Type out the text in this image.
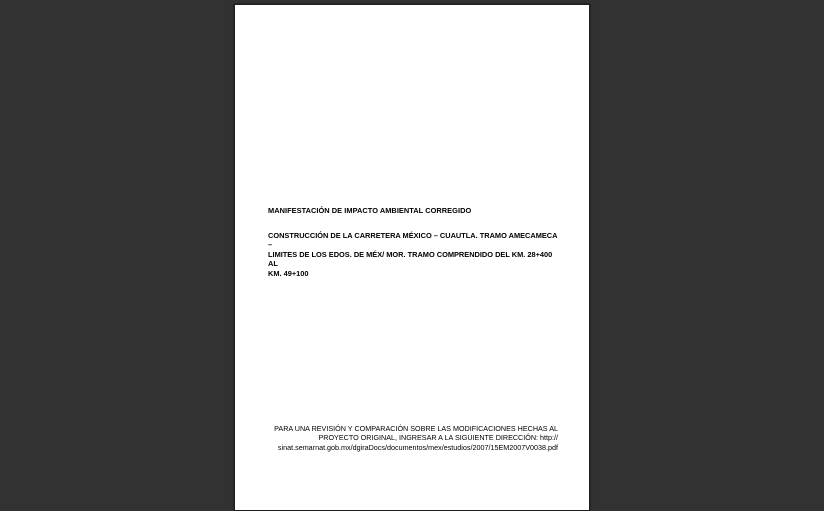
MANIFESTACIÓN DE IMPACTO AMBIENTAL CORREGIDO
CONSTRUCCIÓN DE LA CARRETERA MÉXICO – CUAUTLA. TRAMO AMECAMECA –
LIMITES DE LOS EDOS. DE MÉX/ MOR. TRAMO COMPRENDIDO DEL KM. 28+400 AL
KM. 49+100
PARA UNA REVISIÓN Y COMPARACIÓN SOBRE LAS MODIFICACIONES HECHAS AL
PROYECTO ORIGINAL, INGRESAR A LA SIGUIENTE DIRECCIÓN: http://
sinat.semarnat.gob.mx/dgiraDocs/documentos/mex/estudios/2007/15EM2007V0038.pdf
